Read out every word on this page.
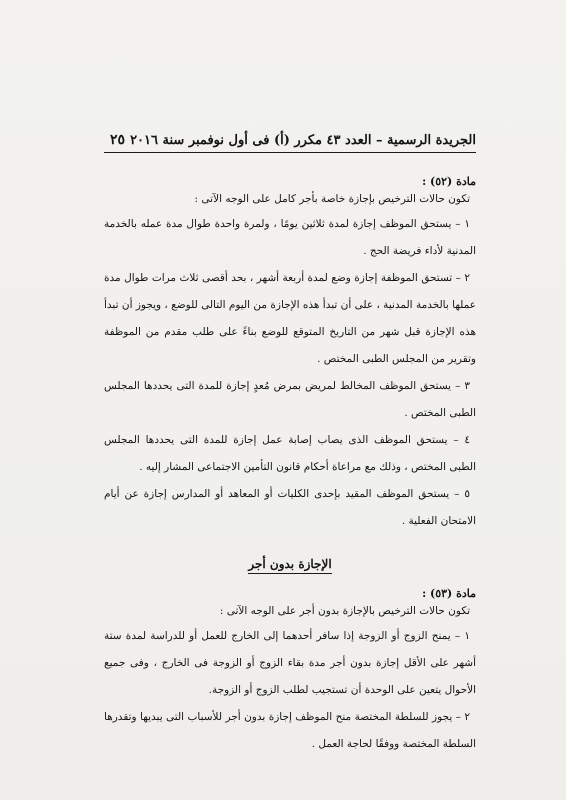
الجريدة الرسمية – العدد ٤٣ مكرر (أ) فى أول نوفمبر سنة ٢٠١٦
٢٥

مادة (٥٢) :

تكون حالات الترخيص بإجازة خاصة بأجر كامل على الوجه الآتى :

١ – يستحق الموظف إجازة لمدة ثلاثين يومًا ، ولمرة واحدة طوال مدة عمله بالخدمة المدنية لأداء فريضة الحج .

٢ – تستحق الموظفة إجازة وضع لمدة أربعة أشهر ، بحد أقصى ثلاث مرات طوال مدة عملها بالخدمة المدنية ، على أن تبدأ هذه الإجازة من اليوم التالى للوضع ، ويجوز أن تبدأ هذه الإجازة قبل شهر من التاريخ المتوقع للوضع بناءً على طلب مقدم من الموظفة وتقرير من المجلس الطبى المختص .

٣ – يستحق الموظف المخالط لمريض بمرض مُعدٍ إجازة للمدة التى يحددها المجلس الطبى المختص .

٤ – يستحق الموظف الذى يصاب إصابة عمل إجازة للمدة التى يحددها المجلس الطبى المختص ، وذلك مع مراعاة أحكام قانون التأمين الاجتماعى المشار إليه .

٥ – يستحق الموظف المقيد بإحدى الكليات أو المعاهد أو المدارس إجازة عن أيام الامتحان الفعلية .

الإجازة بدون أجر

مادة (٥٣) :

تكون حالات الترخيص بالإجازة بدون أجر على الوجه الآتى :

١ – يمنح الزوج أو الزوجة إذا سافر أحدهما إلى الخارج للعمل أو للدراسة لمدة ستة أشهر على الأقل إجازة بدون أجر مدة بقاء الزوج أو الزوجة فى الخارج ، وفى جميع الأحوال يتعين على الوحدة أن تستجيب لطلب الزوج أو الزوجة.

٢ – يجوز للسلطة المختصة منح الموظف إجازة بدون أجر للأسباب التى يبديها وتقدرها السلطة المختصة ووفقًا لحاجة العمل .
